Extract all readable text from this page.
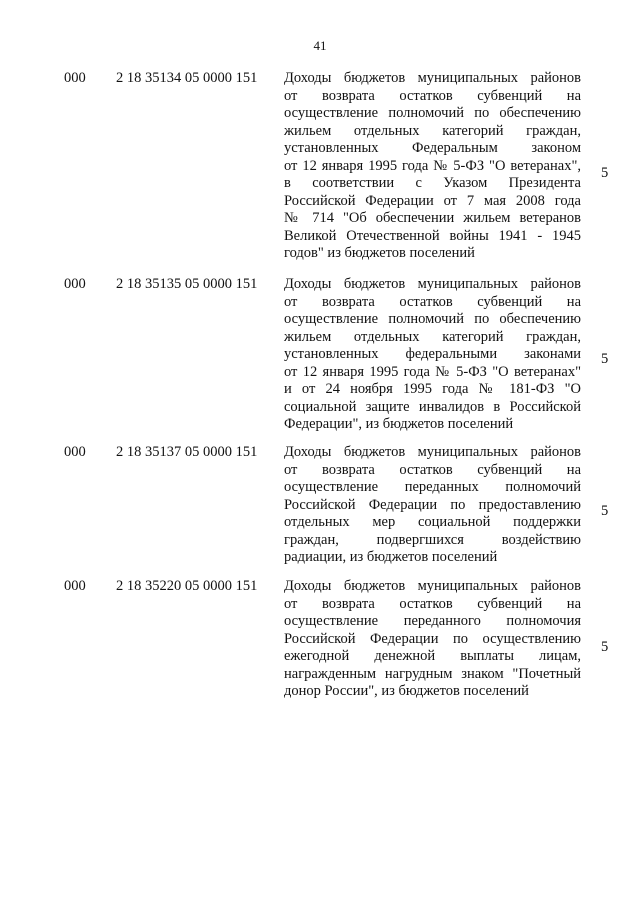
41
000 2 18 35134 05 0000 151 Доходы бюджетов муниципальных районов
от возврата остатков субвенций на
осуществление полномочий по обеспечению
жильем отдельных категорий граждан,
установленных Федеральным законом
от 12 января 1995 года № 5-ФЗ "О ветеранах",
в соответствии с Указом Президента
Российской Федерации от 7 мая 2008 года
№ 714 "Об обеспечении жильем ветеранов
Великой Отечественной войны 1941 - 1945
годов" из бюджетов поселений
5
000 2 18 35135 05 0000 151 Доходы бюджетов муниципальных районов
от возврата остатков субвенций на
осуществление полномочий по обеспечению
жильем отдельных категорий граждан,
установленных федеральными законами
от 12 января 1995 года № 5-ФЗ "О ветеранах"
и от 24 ноября 1995 года № 181-ФЗ "О
социальной защите инвалидов в Российской
Федерации", из бюджетов поселений
5
000 2 18 35137 05 0000 151 Доходы бюджетов муниципальных районов
от возврата остатков субвенций на
осуществление переданных полномочий
Российской Федерации по предоставлению
отдельных мер социальной поддержки
граждан, подвергшихся воздействию
радиации, из бюджетов поселений
5
000 2 18 35220 05 0000 151 Доходы бюджетов муниципальных районов
от возврата остатков субвенций на
осуществление переданного полномочия
Российской Федерации по осуществлению
ежегодной денежной выплаты лицам,
награжденным нагрудным знаком "Почетный
донор России", из бюджетов поселений
5
